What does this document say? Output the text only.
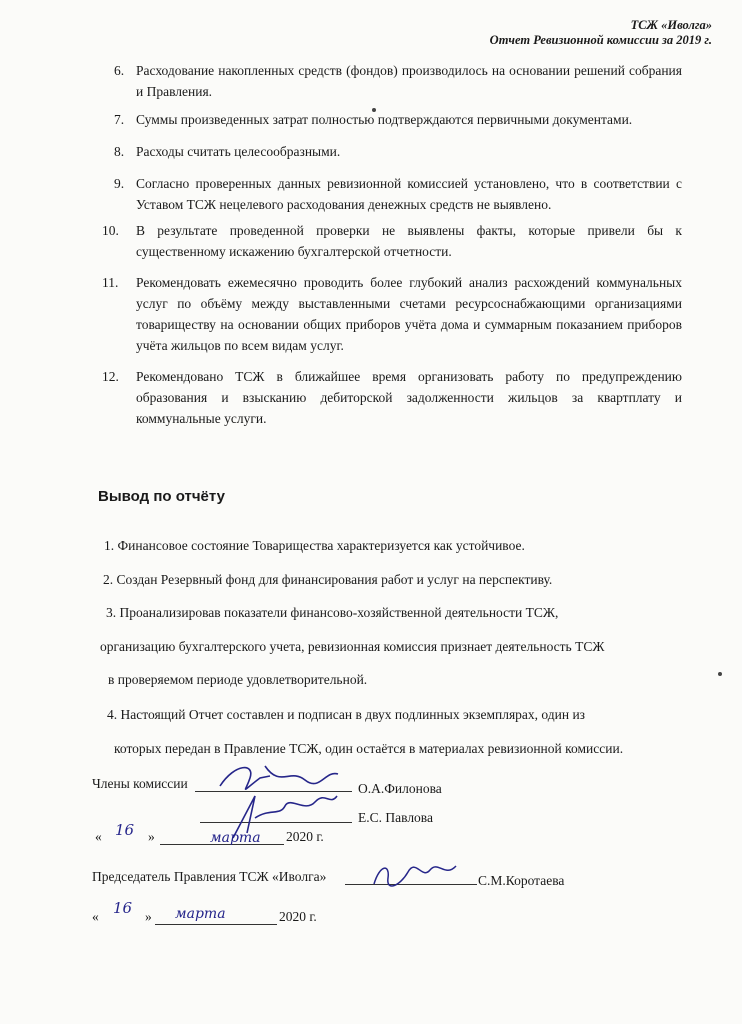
ТСЖ «Иволга»
Отчет Ревизионной комиссии за 2019 г.
6. Расходование накопленных средств (фондов) производилось на основании решений собрания и Правления.
7. Суммы произведенных затрат полностью подтверждаются первичными документами.
8. Расходы считать целесообразными.
9. Согласно проверенных данных ревизионной комиссией установлено, что в соответствии с Уставом ТСЖ нецелевого расходования денежных средств не выявлено.
10. В результате проведенной проверки не выявлены факты, которые привели бы к существенному искажению бухгалтерской отчетности.
11. Рекомендовать ежемесячно проводить более глубокий анализ расхождений коммунальных услуг по объёму между выставленными счетами ресурсоснабжающими организациями товариществу на основании общих приборов учёта дома и суммарным показанием приборов учёта жильцов по всем видам услуг.
12. Рекомендовано ТСЖ в ближайшее время организовать работу по предупреждению образования и взысканию дебиторской задолженности жильцов за квартплату и коммунальные услуги.
Вывод по отчёту
1. Финансовое состояние Товарищества характеризуется как устойчивое.
2. Создан Резервный фонд для финансирования работ и услуг на перспективу.
3. Проанализировав показатели финансово-хозяйственной деятельности ТСЖ,
организацию бухгалтерского учета, ревизионная комиссия признает деятельность ТСЖ
в проверяемом периоде удовлетворительной.
4. Настоящий Отчет составлен и подписан в двух подлинных экземплярах, один из
которых передан в Правление ТСЖ, один остаётся в материалах ревизионной комиссии.
Члены комиссии	О.А.Филонова
Е.С. Павлова
« 16 »	марта 2020 г.
Председатель Правления ТСЖ «Иволга»	С.М.Коротаева
« 16 » марта	2020 г.
